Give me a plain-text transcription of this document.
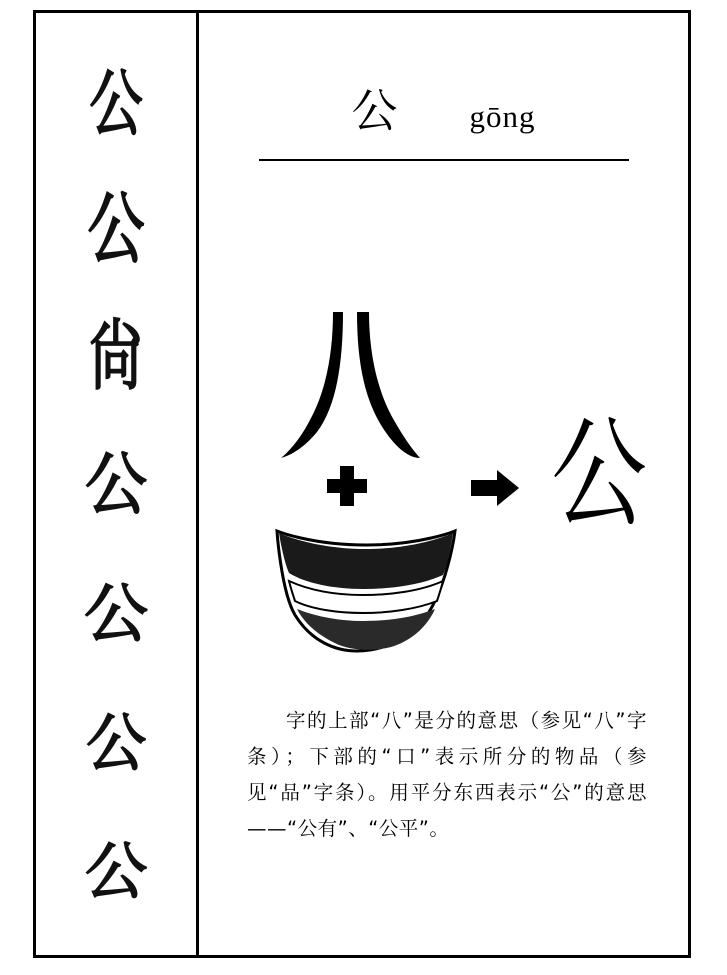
公
公
尙
公
公
公
公
公 gōng
公
字的上部“八”是分的意思（参见“八”字条）；下部的“口”表示所分的物品（参见“品”字条）。用平分东西表示“公”的意思——“公有”、“公平”。
